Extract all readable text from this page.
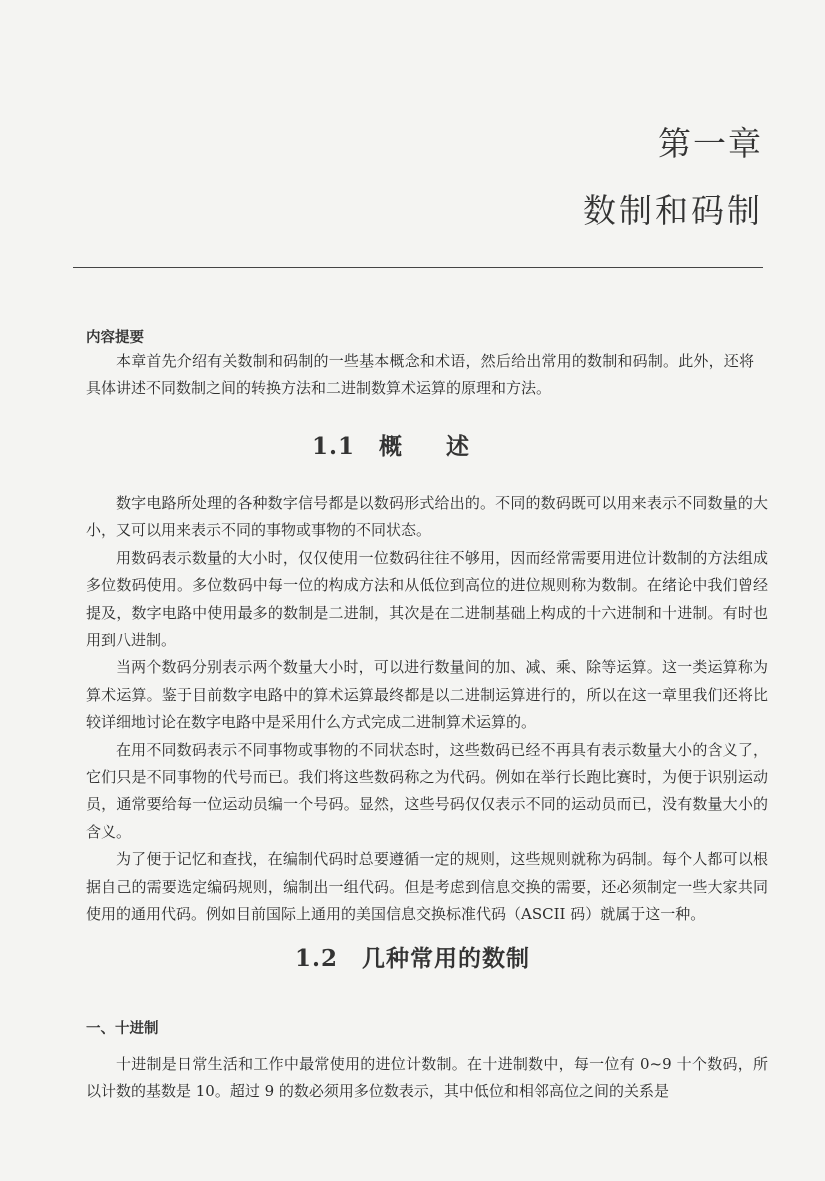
第一章
数制和码制
内容提要
本章首先介绍有关数制和码制的一些基本概念和术语，然后给出常用的数制和码制。此外，还将具体讲述不同数制之间的转换方法和二进制数算术运算的原理和方法。
1.1 概述

数字电路所处理的各种数字信号都是以数码形式给出的。不同的数码既可以用来表示不同数量的大小，又可以用来表示不同的事物或事物的不同状态。

用数码表示数量的大小时，仅仅使用一位数码往往不够用，因而经常需要用进位计数制的方法组成多位数码使用。多位数码中每一位的构成方法和从低位到高位的进位规则称为数制。在绪论中我们曾经提及，数字电路中使用最多的数制是二进制，其次是在二进制基础上构成的十六进制和十进制。有时也用到八进制。

当两个数码分别表示两个数量大小时，可以进行数量间的加、减、乘、除等运算。这一类运算称为算术运算。鉴于目前数字电路中的算术运算最终都是以二进制运算进行的，所以在这一章里我们还将比较详细地讨论在数字电路中是采用什么方式完成二进制算术运算的。

在用不同数码表示不同事物或事物的不同状态时，这些数码已经不再具有表示数量大小的含义了，它们只是不同事物的代号而已。我们将这些数码称之为代码。例如在举行长跑比赛时，为便于识别运动员，通常要给每一位运动员编一个号码。显然，这些号码仅仅表示不同的运动员而已，没有数量大小的含义。

为了便于记忆和查找，在编制代码时总要遵循一定的规则，这些规则就称为码制。每个人都可以根据自己的需要选定编码规则，编制出一组代码。但是考虑到信息交换的需要，还必须制定一些大家共同使用的通用代码。例如目前国际上通用的美国信息交换标准代码（ASCII 码）就属于这一种。

1.2 几种常用的数制
一、十进制

十进制是日常生活和工作中最常使用的进位计数制。在十进制数中，每一位有 0~9 十个数码，所以计数的基数是 10。超过 9 的数必须用多位数表示，其中低位和相邻高位之间的关系是
